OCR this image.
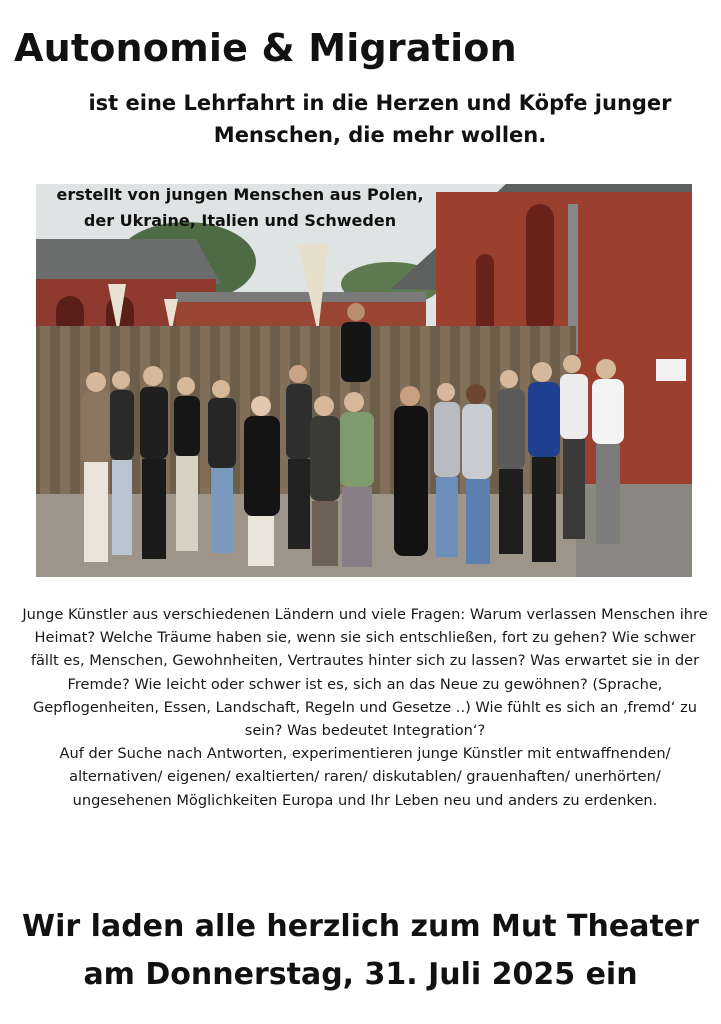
Autonomie & Migration
ist eine Lehrfahrt in die Herzen und Köpfe junger
Menschen, die mehr wollen.
erstellt von jungen Menschen aus Polen,
der Ukraine, Italien und Schweden

Junge Künstler aus verschiedenen Ländern und viele Fragen: Warum verlassen Menschen ihre Heimat? Welche Träume haben sie, wenn sie sich entschließen, fort zu gehen? Wie schwer fällt es, Menschen, Gewohnheiten, Vertrautes hinter sich zu lassen? Was erwartet sie in der Fremde? Wie leicht oder schwer ist es, sich an das Neue zu gewöhnen? (Sprache, Gepflogenheiten, Essen, Landschaft, Regeln und Gesetze ..) Wie fühlt es sich an ‚fremd‘ zu sein? Was bedeutet Integration‘?

Auf der Suche nach Antworten, experimentieren junge Künstler mit entwaffnenden/ alternativen/ eigenen/ exaltierten/ raren/ diskutablen/ grauenhaften/ unerhörten/ ungesehenen Möglichkeiten Europa und Ihr Leben neu und anders zu erdenken.

Wir laden alle herzlich zum Mut Theater
am Donnerstag, 31. Juli 2025 ein
